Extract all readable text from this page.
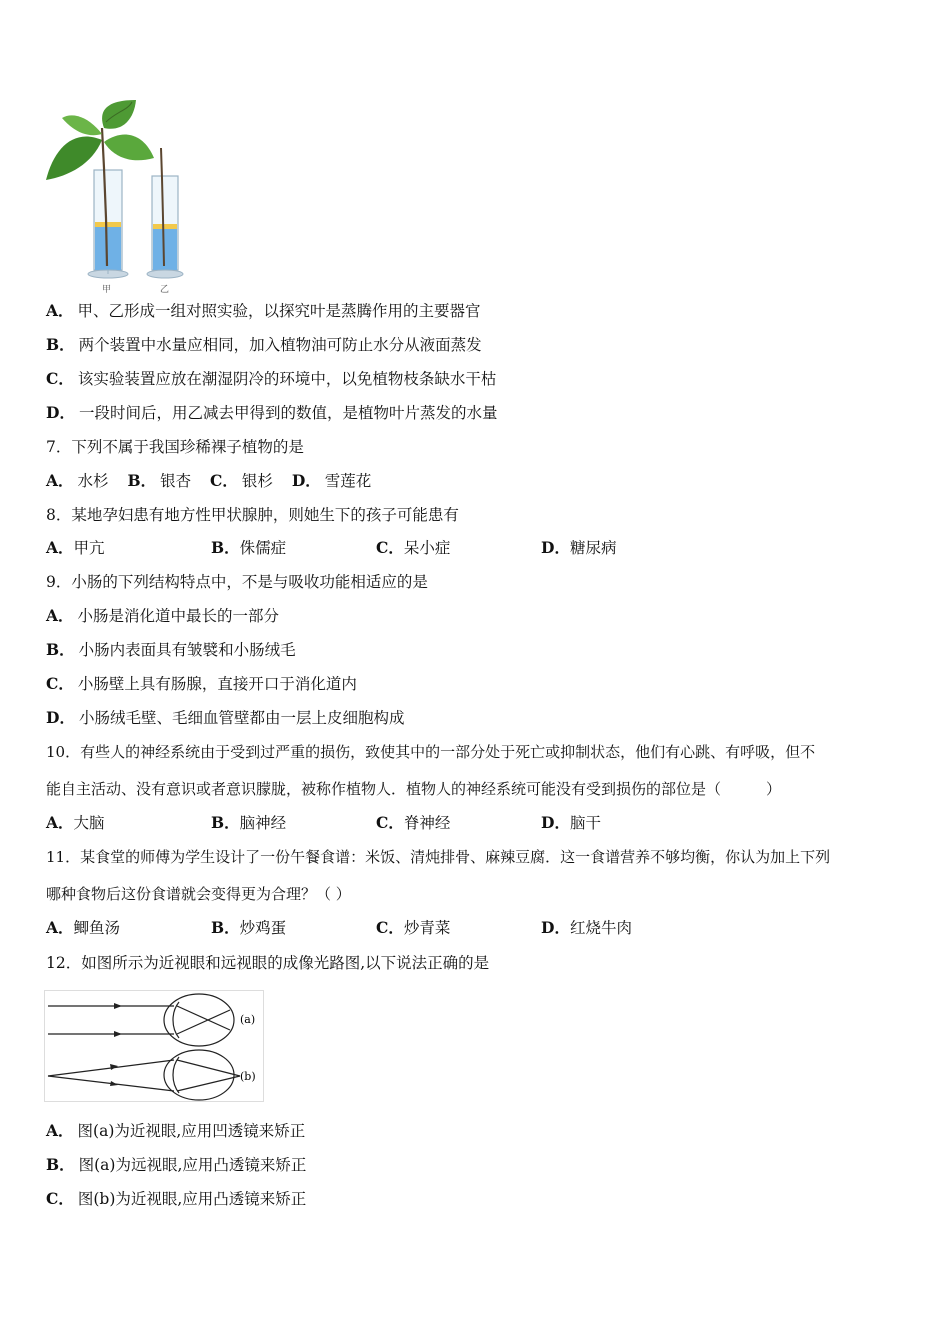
甲	乙
A． 甲、乙形成一组对照实验，以探究叶是蒸腾作用的主要器官
B． 两个装置中水量应相同，加入植物油可防止水分从液面蒸发
C． 该实验装置应放在潮湿阴冷的环境中，以免植物枝条缺水干枯
D． 一段时间后，用乙减去甲得到的数值，是植物叶片蒸发的水量
7．下列不属于我国珍稀裸子植物的是
A． 水杉 B． 银杏 C． 银杉 D． 雪莲花
8．某地孕妇患有地方性甲状腺肿，则她生下的孩子可能患有
A．甲亢	B．侏儒症	C．呆小症	D．糖尿病
9．小肠的下列结构特点中，不是与吸收功能相适应的是
A． 小肠是消化道中最长的一部分
B． 小肠内表面具有皱襞和小肠绒毛
C． 小肠壁上具有肠腺，直接开口于消化道内
D． 小肠绒毛壁、毛细血管壁都由一层上皮细胞构成
10．有些人的神经系统由于受到过严重的损伤，致使其中的一部分处于死亡或抑制状态，他们有心跳、有呼吸，但不
能自主活动、没有意识或者意识朦胧，被称作植物人．植物人的神经系统可能没有受到损伤的部位是（　　　）
A．大脑	B．脑神经	C．脊神经	D．脑干
11．某食堂的师傅为学生设计了一份午餐食谱：米饭、清炖排骨、麻辣豆腐．这一食谱营养不够均衡，你认为加上下列
哪种食物后这份食谱就会变得更为合理？（ ）
A．鲫鱼汤	B．炒鸡蛋	C．炒青菜	D．红烧牛肉
12．如图所示为近视眼和远视眼的成像光路图,以下说法正确的是
(a)
(b)
A． 图(a)为近视眼,应用凹透镜来矫正
B． 图(a)为远视眼,应用凸透镜来矫正
C． 图(b)为近视眼,应用凸透镜来矫正
